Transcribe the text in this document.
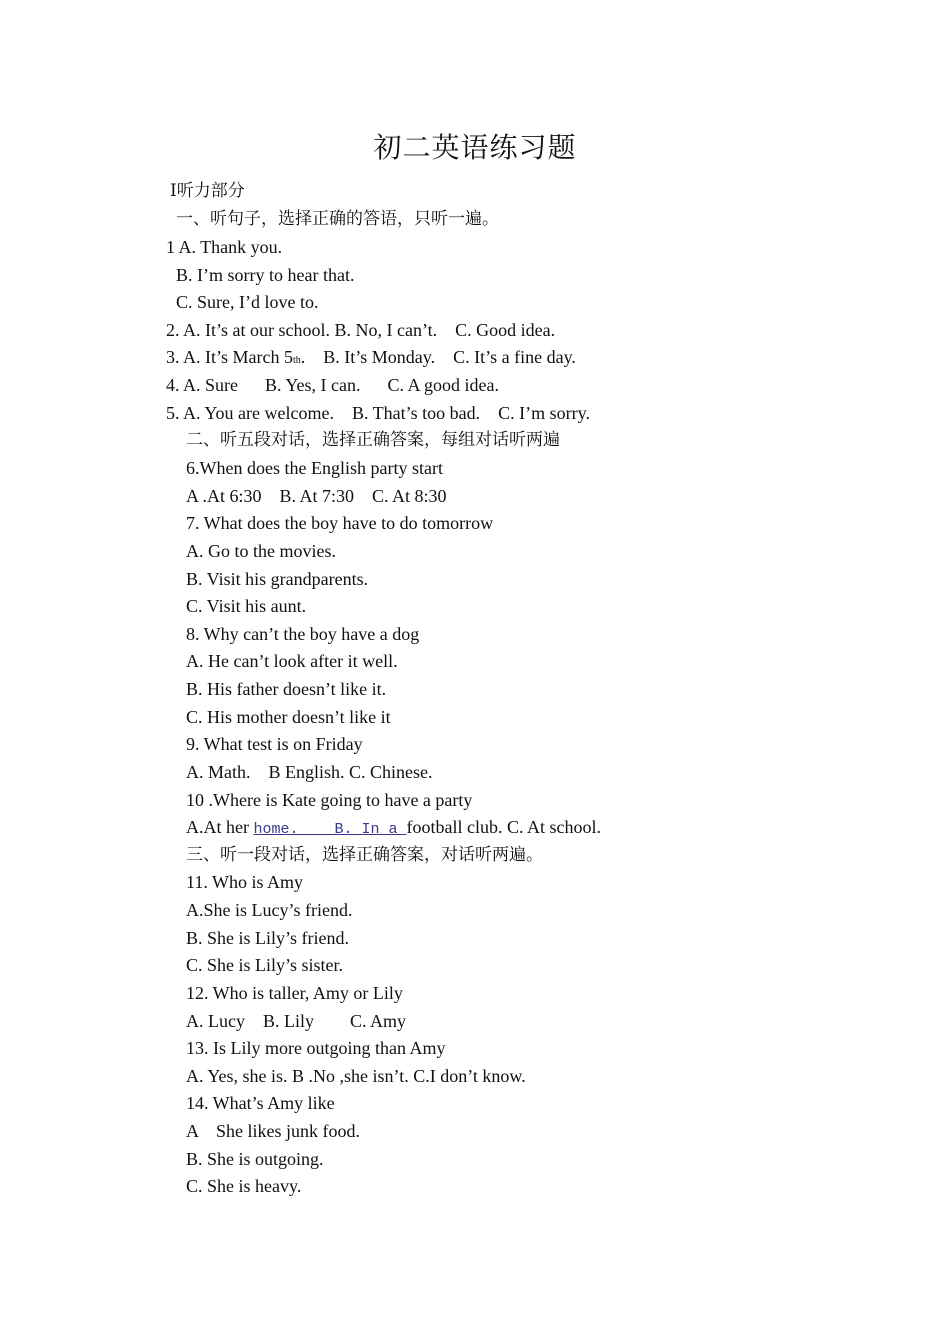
初二英语练习题
Ⅰ听力部分
一、听句子，选择正确的答语，只听一遍。
1 A. Thank you.
B. I’m sorry to hear that.
C. Sure, I’d love to.
2. A. It’s at our school. B. No, I can’t.    C. Good idea.
3. A. It’s March 5th.    B. It’s Monday.    C. It’s a fine day.
4. A. Sure      B. Yes, I can.      C. A good idea.
5. A. You are welcome.    B. That’s too bad.    C. I’m sorry.
二、听五段对话，选择正确答案，每组对话听两遍
6.When does the English party start
A .At 6:30    B. At 7:30    C. At 8:30
7. What does the boy have to do tomorrow
A. Go to the movies.
B. Visit his grandparents.
C. Visit his aunt.
8. Why can’t the boy have a dog
A. He can’t look after it well.
B. His father doesn’t like it.
C. His mother doesn’t like it
9. What test is on Friday
A. Math.    B English. C. Chinese.
10 .Where is Kate going to have a party
A.At her home.    B. In a football club. C. At school.
三、听一段对话，选择正确答案，对话听两遍。
11. Who is Amy
A.She is Lucy’s friend.
B. She is Lily’s friend.
C. She is Lily’s sister.
12. Who is taller, Amy or Lily
A. Lucy    B. Lily        C. Amy
13. Is Lily more outgoing than Amy
A. Yes, she is. B .No ,she isn’t. C.I don’t know.
14. What’s Amy like
A    She likes junk food.
B. She is outgoing.
C. She is heavy.
